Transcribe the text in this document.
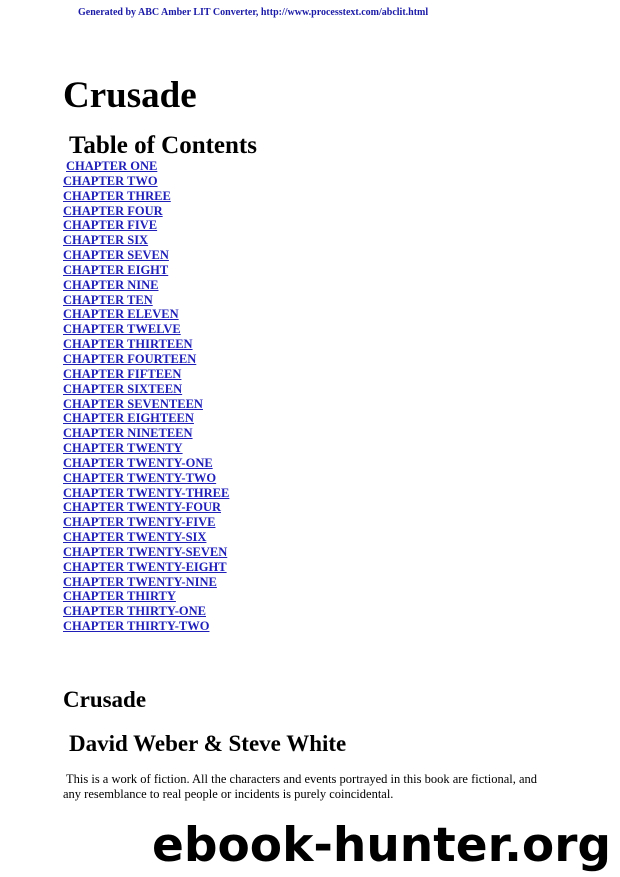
Generated by ABC Amber LIT Converter, http://www.processtext.com/abclit.html
Crusade
Table of Contents
CHAPTER ONE
CHAPTER TWO
CHAPTER THREE
CHAPTER FOUR
CHAPTER FIVE
CHAPTER SIX
CHAPTER SEVEN
CHAPTER EIGHT
CHAPTER NINE
CHAPTER TEN
CHAPTER ELEVEN
CHAPTER TWELVE
CHAPTER THIRTEEN
CHAPTER FOURTEEN
CHAPTER FIFTEEN
CHAPTER SIXTEEN
CHAPTER SEVENTEEN
CHAPTER EIGHTEEN
CHAPTER NINETEEN
CHAPTER TWENTY
CHAPTER TWENTY-ONE
CHAPTER TWENTY-TWO
CHAPTER TWENTY-THREE
CHAPTER TWENTY-FOUR
CHAPTER TWENTY-FIVE
CHAPTER TWENTY-SIX
CHAPTER TWENTY-SEVEN
CHAPTER TWENTY-EIGHT
CHAPTER TWENTY-NINE
CHAPTER THIRTY
CHAPTER THIRTY-ONE
CHAPTER THIRTY-TWO
Crusade
David Weber & Steve White

This is a work of fiction. All the characters and events portrayed in this book are fictional, and any resemblance to real people or incidents is purely coincidental.

ebook-hunter.org
